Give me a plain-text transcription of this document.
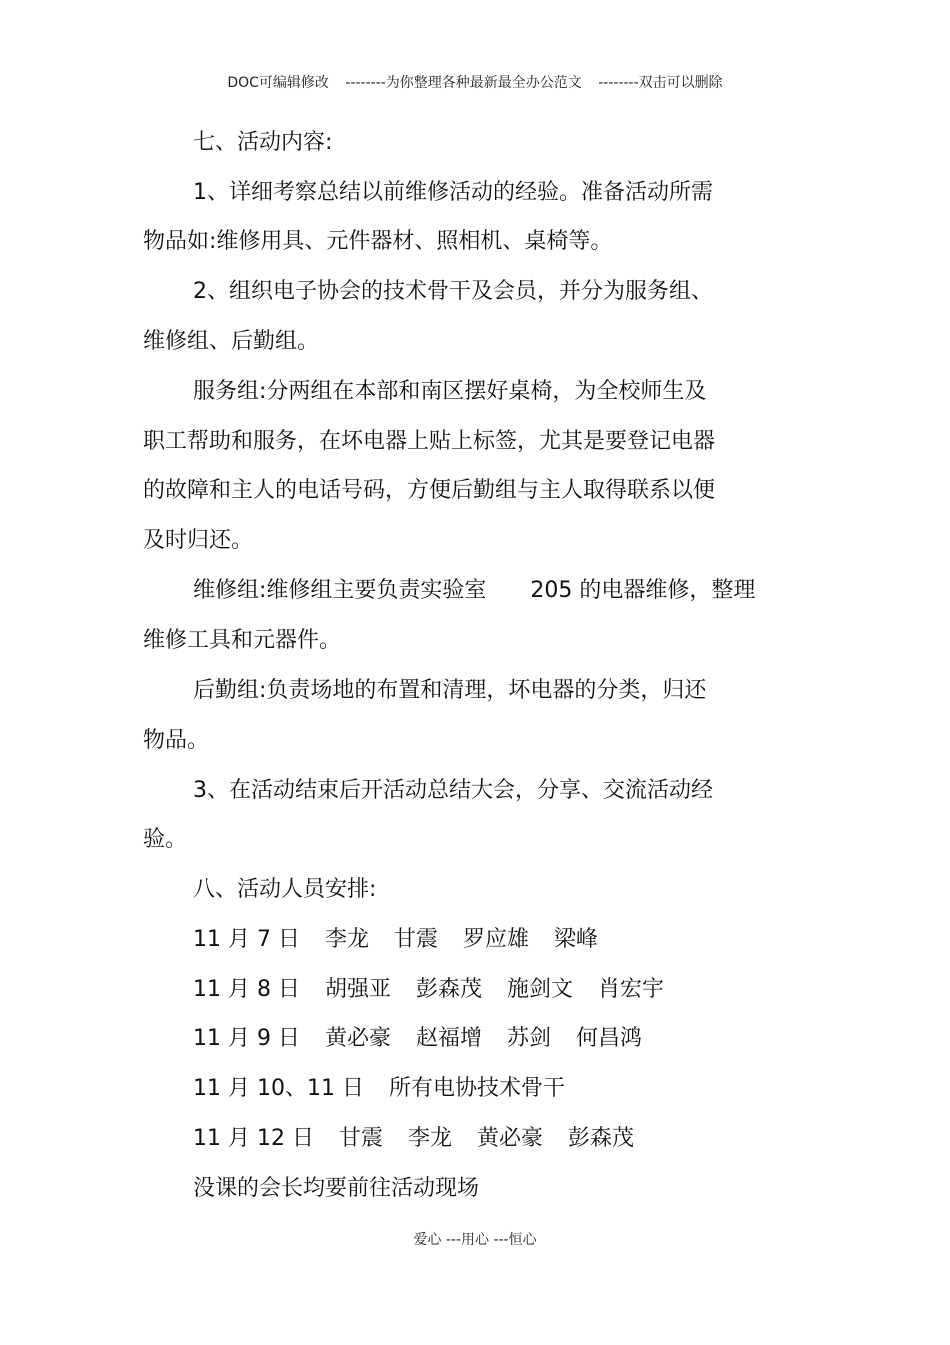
DOC可编辑修改 --------为你整理各种最新最全办公范文 --------双击可以删除
七、活动内容:
1、详细考察总结以前维修活动的经验。准备活动所需
物品如:维修用具、元件器材、照相机、桌椅等。
2、组织电子协会的技术骨干及会员，并分为服务组、
维修组、后勤组。
服务组:分两组在本部和南区摆好桌椅，为全校师生及
职工帮助和服务，在坏电器上贴上标签，尤其是要登记电器
的故障和主人的电话号码，方便后勤组与主人取得联系以便
及时归还。
维修组:维修组主要负责实验室 205 的电器维修，整理
维修工具和元器件。
后勤组:负责场地的布置和清理，坏电器的分类，归还
物品。
3、在活动结束后开活动总结大会，分享、交流活动经
验。
八、活动人员安排:
11 月 7 日 李龙 甘震 罗应雄 梁峰
11 月 8 日 胡强亚 彭森茂 施剑文 肖宏宇
11 月 9 日 黄必豪 赵福增 苏剑 何昌鸿
11 月 10、11 日 所有电协技术骨干
11 月 12 日 甘震 李龙 黄必豪 彭森茂
没课的会长均要前往活动现场
爱心 ---用心 ---恒心
